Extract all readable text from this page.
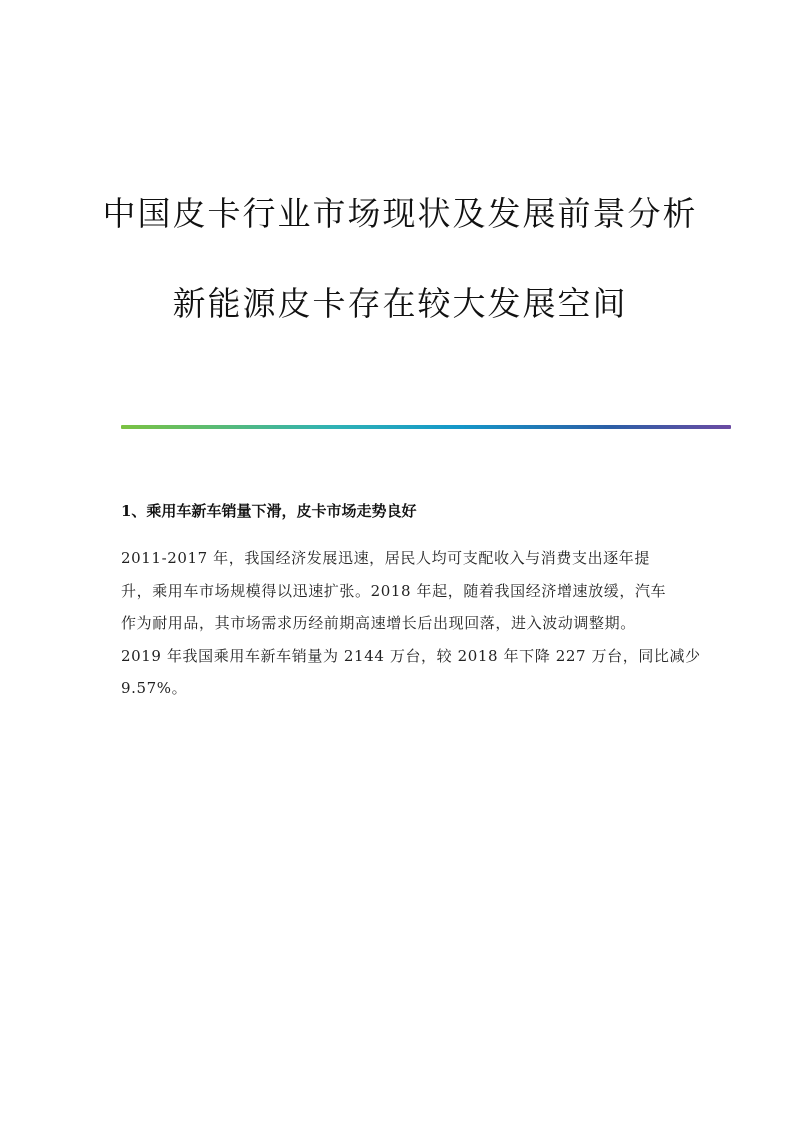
中国皮卡行业市场现状及发展前景分析
新能源皮卡存在较大发展空间
1、乘用车新车销量下滑，皮卡市场走势良好
2011-2017 年，我国经济发展迅速，居民人均可支配收入与消费支出逐年提
升，乘用车市场规模得以迅速扩张。2018 年起，随着我国经济增速放缓，汽车
作为耐用品，其市场需求历经前期高速增长后出现回落，进入波动调整期。
2019 年我国乘用车新车销量为 2144 万台，较 2018 年下降 227 万台，同比减少
9.57%。
